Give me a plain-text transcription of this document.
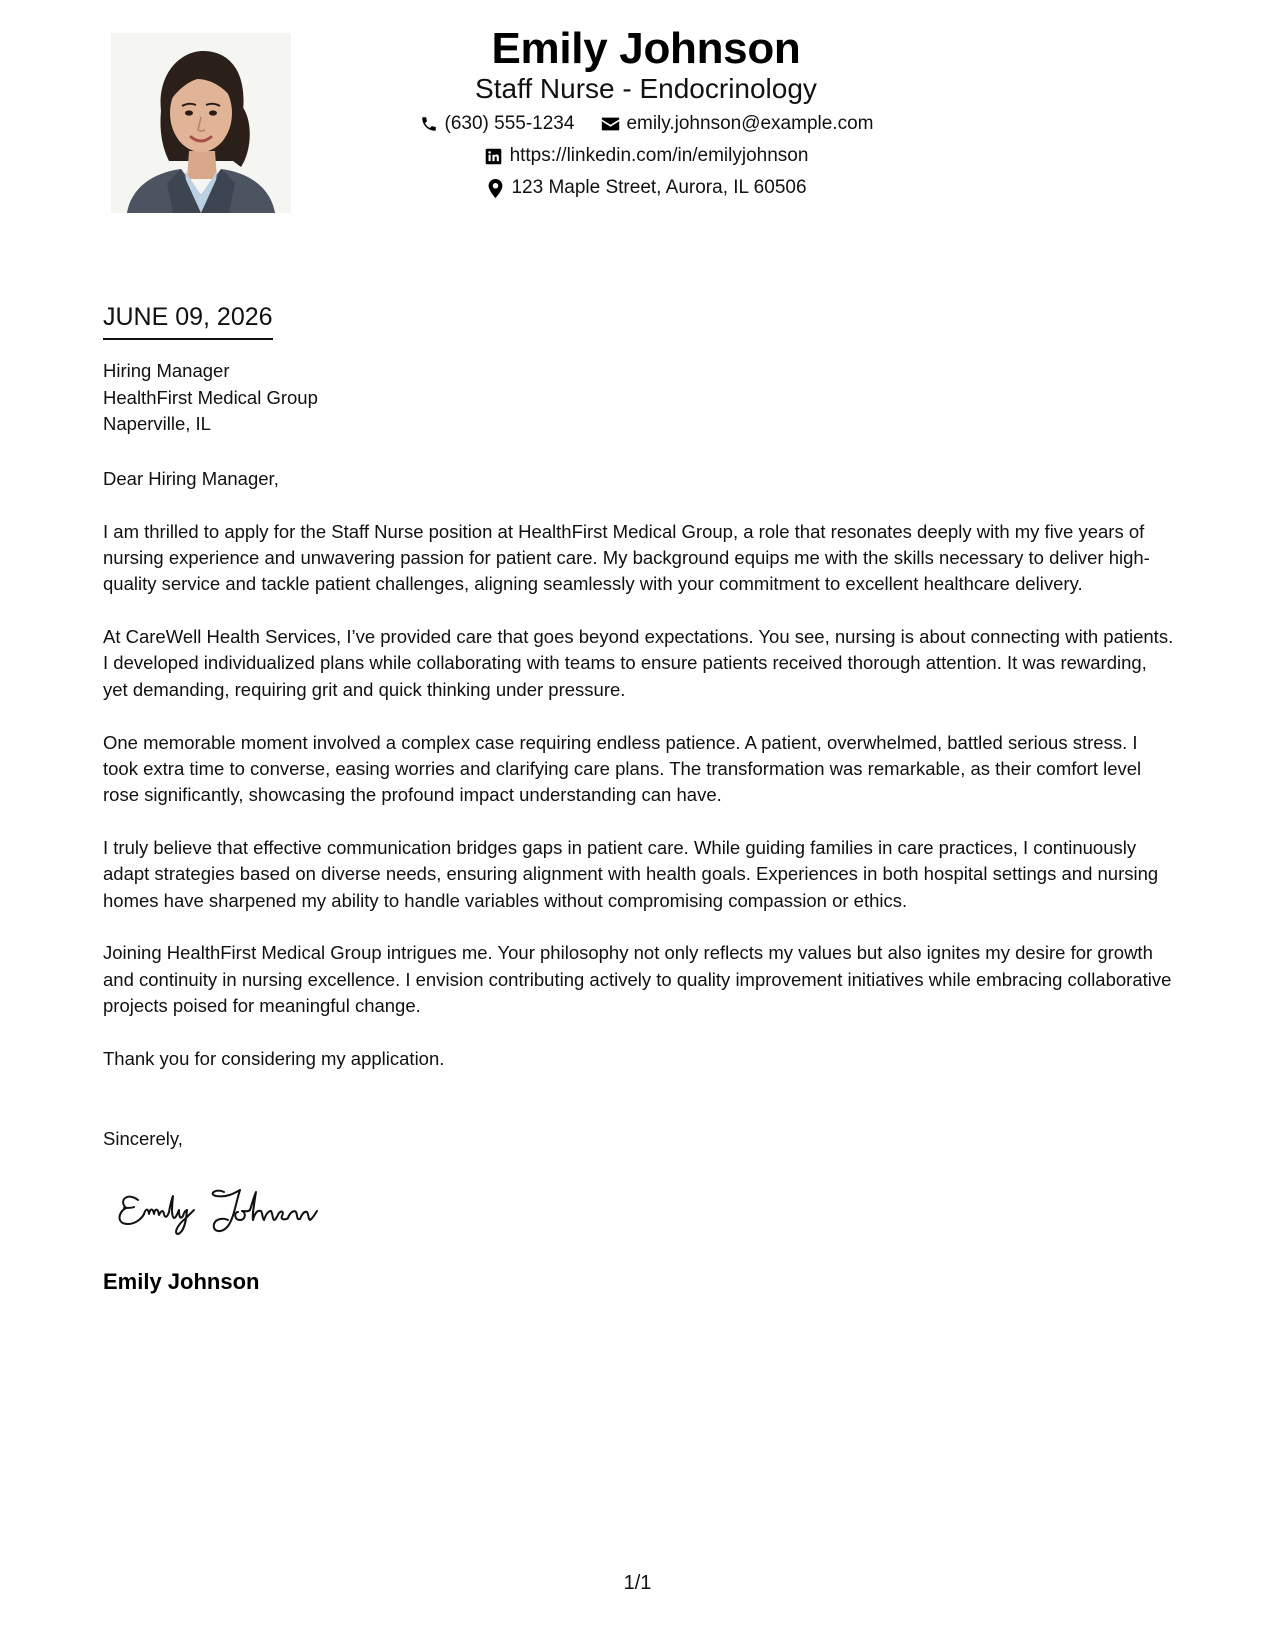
Emily Johnson
Staff Nurse - Endocrinology
(630) 555-1234	emily.johnson@example.com
https://linkedin.com/in/emilyjohnson
123 Maple Street, Aurora, IL 60506
JUNE 09, 2026
Hiring Manager
HealthFirst Medical Group
Naperville, IL

Dear Hiring Manager,

I am thrilled to apply for the Staff Nurse position at HealthFirst Medical Group, a role that resonates deeply with my five years of nursing experience and unwavering passion for patient care. My background equips me with the skills necessary to deliver high-quality service and tackle patient challenges, aligning seamlessly with your commitment to excellent healthcare delivery.

At CareWell Health Services, I’ve provided care that goes beyond expectations. You see, nursing is about connecting with patients. I developed individualized plans while collaborating with teams to ensure patients received thorough attention. It was rewarding, yet demanding, requiring grit and quick thinking under pressure.

One memorable moment involved a complex case requiring endless patience. A patient, overwhelmed, battled serious stress. I took extra time to converse, easing worries and clarifying care plans. The transformation was remarkable, as their comfort level rose significantly, showcasing the profound impact understanding can have.

I truly believe that effective communication bridges gaps in patient care. While guiding families in care practices, I continuously adapt strategies based on diverse needs, ensuring alignment with health goals. Experiences in both hospital settings and nursing homes have sharpened my ability to handle variables without compromising compassion or ethics.

Joining HealthFirst Medical Group intrigues me. Your philosophy not only reflects my values but also ignites my desire for growth and continuity in nursing excellence. I envision contributing actively to quality improvement initiatives while embracing collaborative projects poised for meaningful change.

Thank you for considering my application.

Sincerely,
Emily Johnson
1/1
